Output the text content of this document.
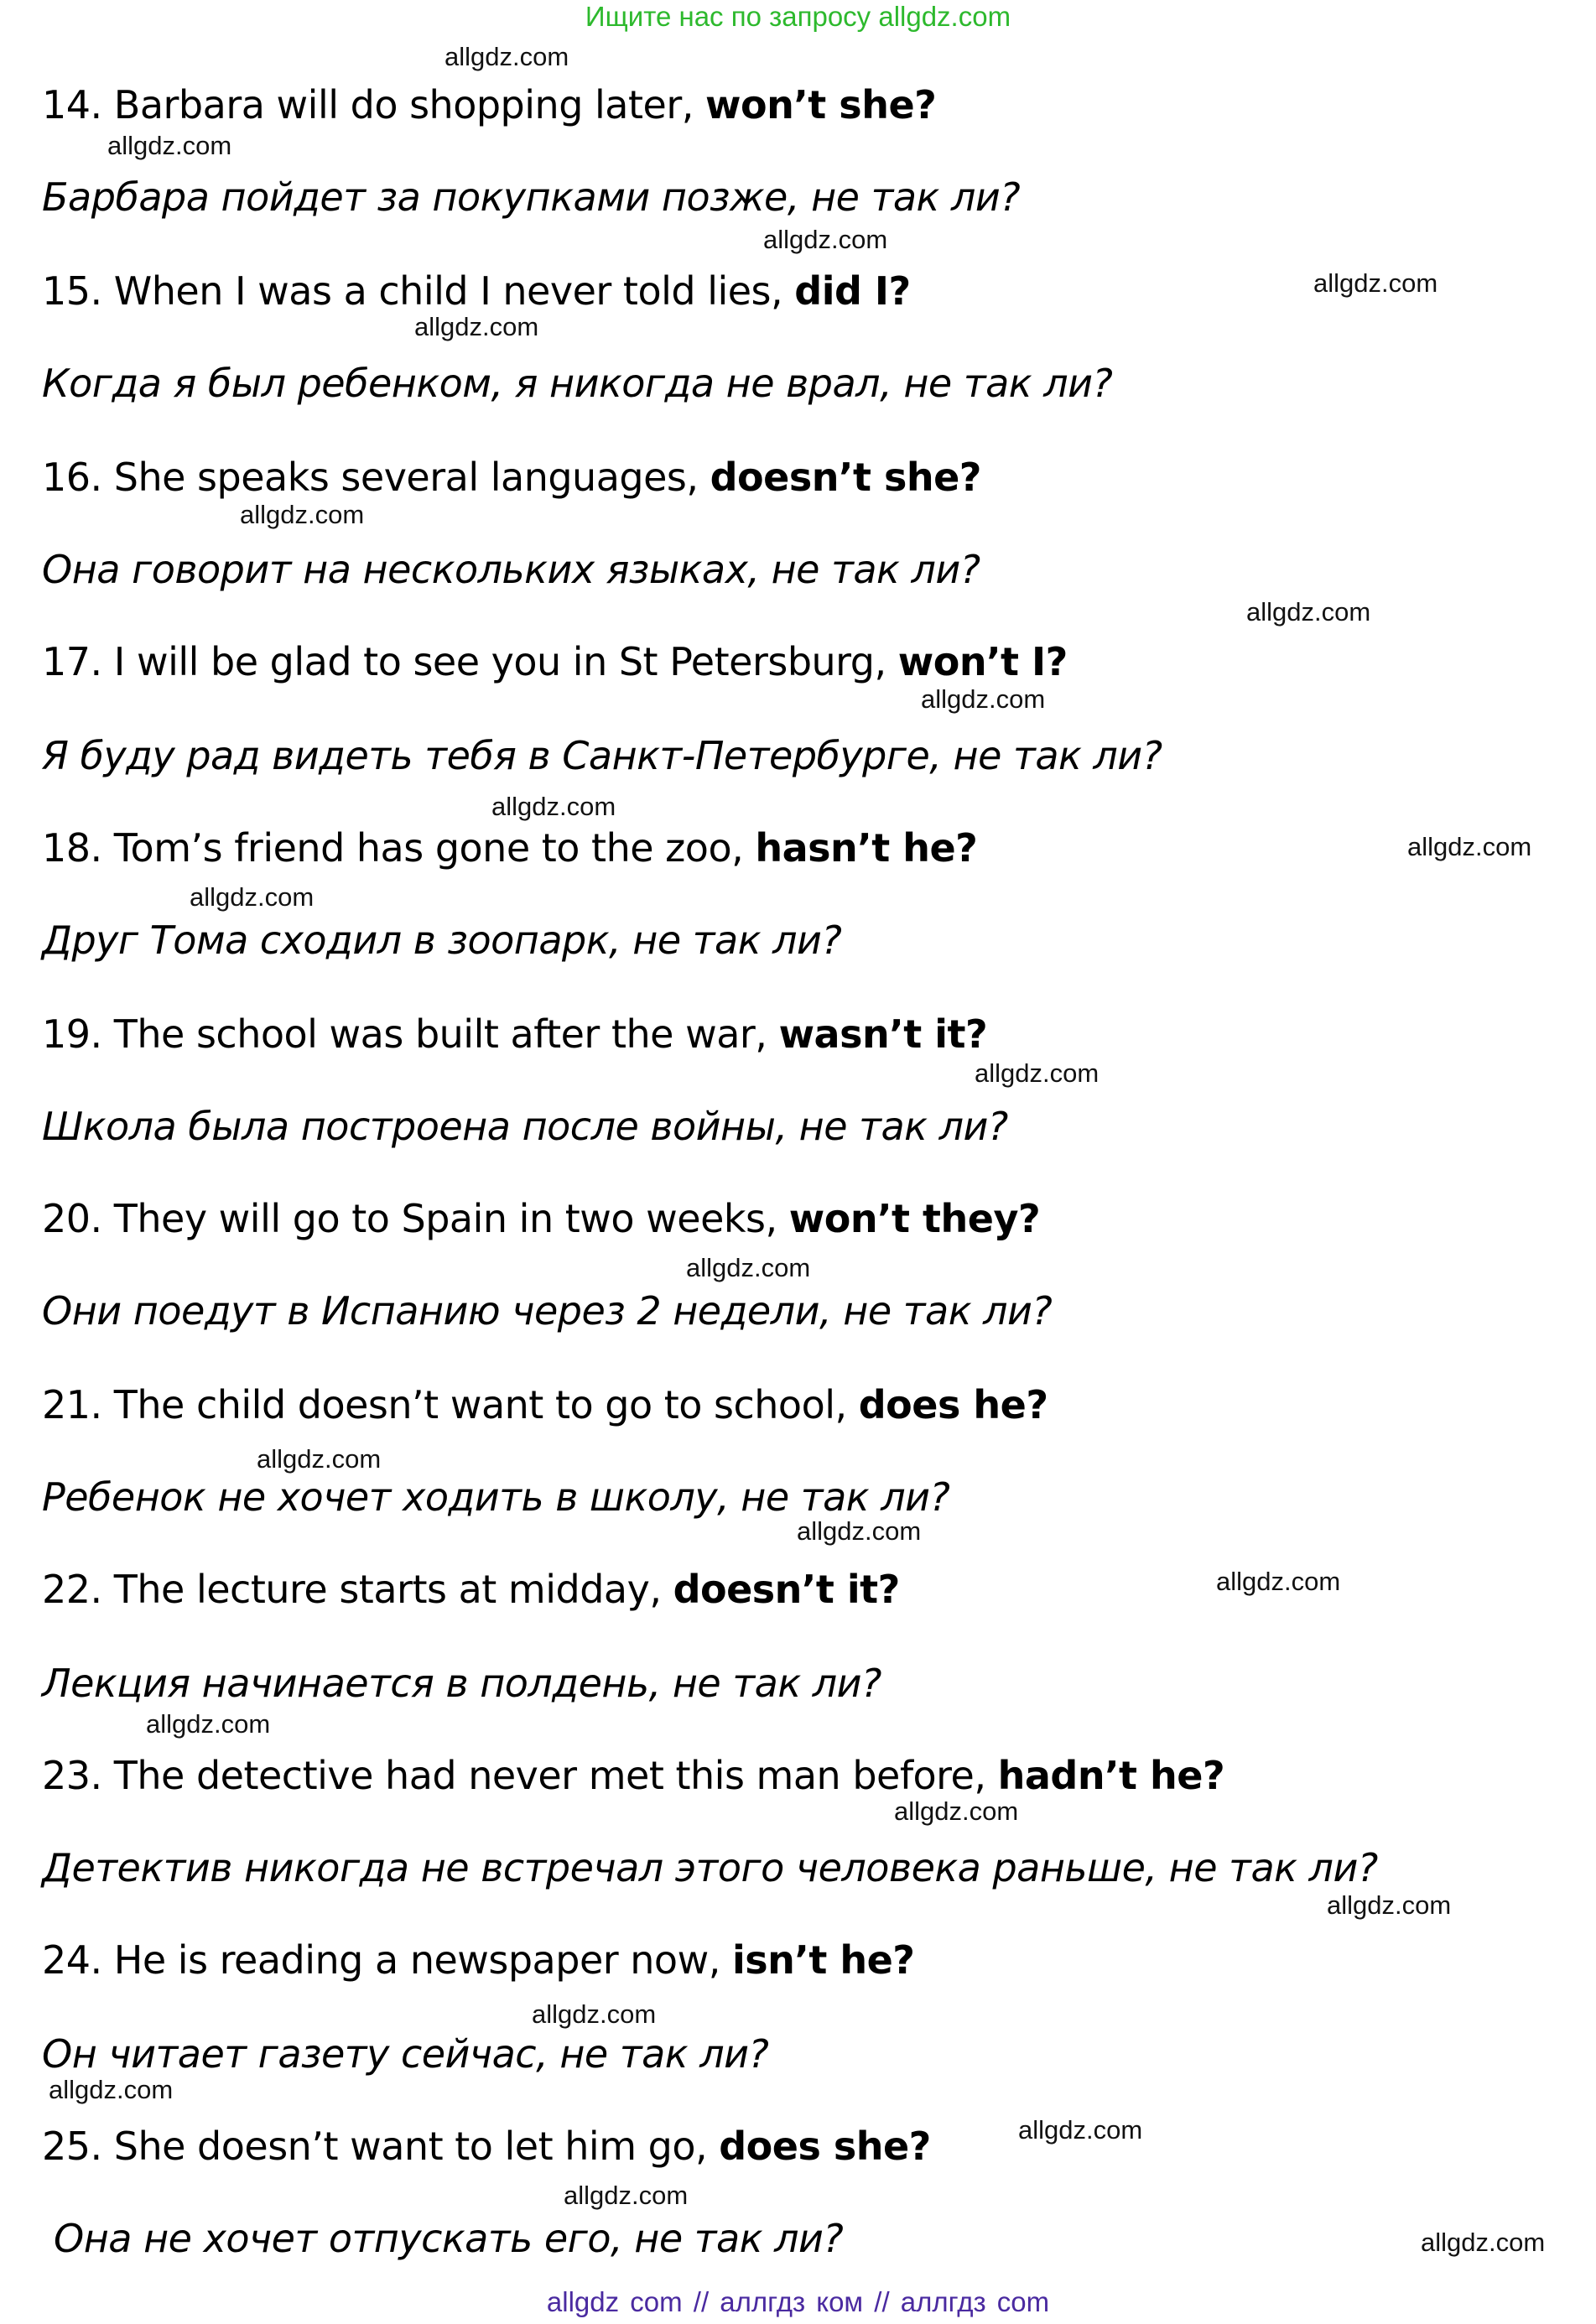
Ищите нас по запросу allgdz.com
14. Barbara will do shopping later, won’t she?
Барбара пойдет за покупками позже, не так ли?
15. When I was a child I never told lies, did I?
Когда я был ребенком, я никогда не врал, не так ли?
16. She speaks several languages, doesn’t she?
Она говорит на нескольких языках, не так ли?
17. I will be glad to see you in St Petersburg, won’t I?
Я буду рад видеть тебя в Санкт-Петербурге, не так ли?
18. Tom’s friend has gone to the zoo, hasn’t he?
Друг Тома сходил в зоопарк, не так ли?
19. The school was built after the war, wasn’t it?
Школа была построена после войны, не так ли?
20. They will go to Spain in two weeks, won’t they?
Они поедут в Испанию через 2 недели, не так ли?
21. The child doesn’t want to go to school, does he?
Ребенок не хочет ходить в школу, не так ли?
22. The lecture starts at midday, doesn’t it?
Лекция начинается в полдень, не так ли?
23. The detective had never met this man before, hadn’t he?
Детектив никогда не встречал этого человека раньше, не так ли?
24. He is reading a newspaper now, isn’t he?
Он читает газету сейчас, не так ли?
25. She doesn’t want to let him go, does she?
Она не хочет отпускать его, не так ли?
allgdz.com
allgdz.com
allgdz.com
allgdz.com
allgdz.com
allgdz.com
allgdz.com
allgdz.com
allgdz.com
allgdz.com
allgdz.com
allgdz.com
allgdz.com
allgdz.com
allgdz.com
allgdz.com
allgdz.com
allgdz.com
allgdz.com
allgdz.com
allgdz.com
allgdz.com
allgdz.com
allgdz.com
allgdz com // аллгдз ком // аллгдз com
